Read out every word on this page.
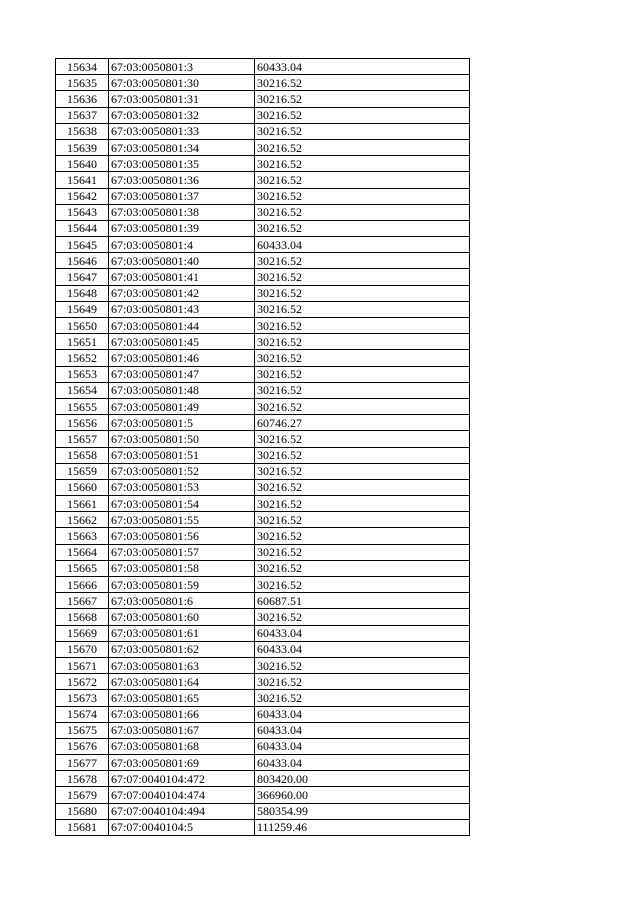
15634	67:03:0050801:3	60433.04
15635	67:03:0050801:30	30216.52
15636	67:03:0050801:31	30216.52
15637	67:03:0050801:32	30216.52
15638	67:03:0050801:33	30216.52
15639	67:03:0050801:34	30216.52
15640	67:03:0050801:35	30216.52
15641	67:03:0050801:36	30216.52
15642	67:03:0050801:37	30216.52
15643	67:03:0050801:38	30216.52
15644	67:03:0050801:39	30216.52
15645	67:03:0050801:4	60433.04
15646	67:03:0050801:40	30216.52
15647	67:03:0050801:41	30216.52
15648	67:03:0050801:42	30216.52
15649	67:03:0050801:43	30216.52
15650	67:03:0050801:44	30216.52
15651	67:03:0050801:45	30216.52
15652	67:03:0050801:46	30216.52
15653	67:03:0050801:47	30216.52
15654	67:03:0050801:48	30216.52
15655	67:03:0050801:49	30216.52
15656	67:03:0050801:5	60746.27
15657	67:03:0050801:50	30216.52
15658	67:03:0050801:51	30216.52
15659	67:03:0050801:52	30216.52
15660	67:03:0050801:53	30216.52
15661	67:03:0050801:54	30216.52
15662	67:03:0050801:55	30216.52
15663	67:03:0050801:56	30216.52
15664	67:03:0050801:57	30216.52
15665	67:03:0050801:58	30216.52
15666	67:03:0050801:59	30216.52
15667	67:03:0050801:6	60687.51
15668	67:03:0050801:60	30216.52
15669	67:03:0050801:61	60433.04
15670	67:03:0050801:62	60433.04
15671	67:03:0050801:63	30216.52
15672	67:03:0050801:64	30216.52
15673	67:03:0050801:65	30216.52
15674	67:03:0050801:66	60433.04
15675	67:03:0050801:67	60433.04
15676	67:03:0050801:68	60433.04
15677	67:03:0050801:69	60433.04
15678	67:07:0040104:472	803420.00
15679	67:07:0040104:474	366960.00
15680	67:07:0040104:494	580354.99
15681	67:07:0040104:5	111259.46
